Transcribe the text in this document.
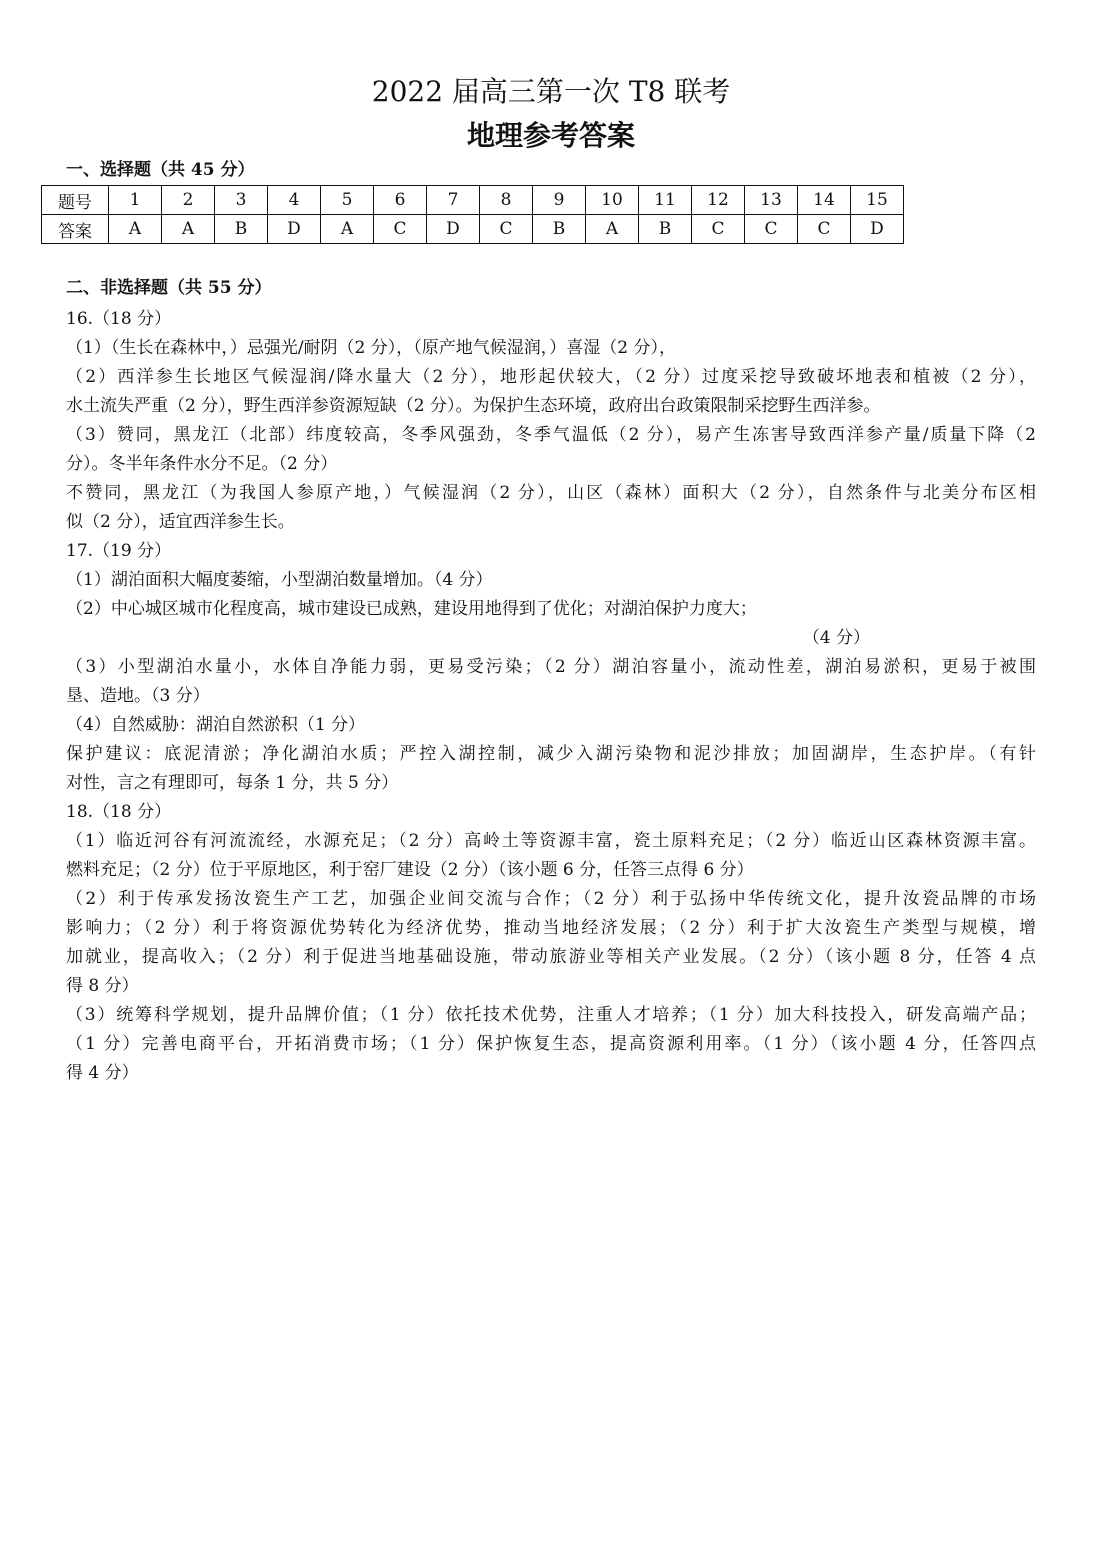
2022 届高三第一次 T8 联考
地理参考答案
一、选择题（共 45 分）
题号	1	2	3	4	5	6	7	8	9	10	11	12	13	14	15
答案	A	A	B	D	A	C	D	C	B	A	B	C	C	C	D
二、非选择题（共 55 分）
16.（18 分）
（1）（生长在森林中，）忌强光/耐阴（2 分），（原产地气候湿润，）喜湿（2 分），
（2）西洋参生长地区气候湿润/降水量大（2 分），地形起伏较大，（2 分）过度采挖导致破坏地表和植被（2 分），
水土流失严重（2 分），野生西洋参资源短缺（2 分）。为保护生态环境，政府出台政策限制采挖野生西洋参。
（3）赞同，黑龙江（北部）纬度较高，冬季风强劲，冬季气温低（2 分），易产生冻害导致西洋参产量/质量下降（2
分）。冬半年条件水分不足。（2 分）
不赞同，黑龙江（为我国人参原产地，）气候湿润（2 分），山区（森林）面积大（2 分），自然条件与北美分布区相
似（2 分），适宜西洋参生长。
17.（19 分）
（1）湖泊面积大幅度萎缩，小型湖泊数量增加。（4 分）
（2）中心城区城市化程度高，城市建设已成熟，建设用地得到了优化；对湖泊保护力度大；
（4 分）
（3）小型湖泊水量小，水体自净能力弱，更易受污染；（2 分）湖泊容量小，流动性差，湖泊易淤积，更易于被围
垦、造地。（3 分）
（4）自然威胁：湖泊自然淤积（1 分）
保护建议：底泥清淤；净化湖泊水质；严控入湖控制，减少入湖污染物和泥沙排放；加固湖岸，生态护岸。（有针
对性，言之有理即可，每条 1 分，共 5 分）
18.（18 分）
（1）临近河谷有河流流经，水源充足；（2 分）高岭土等资源丰富，瓷土原料充足；（2 分）临近山区森林资源丰富。
燃料充足；（2 分）位于平原地区，利于窑厂建设（2 分）（该小题 6 分，任答三点得 6 分）
（2）利于传承发扬汝瓷生产工艺，加强企业间交流与合作；（2 分）利于弘扬中华传统文化，提升汝瓷品牌的市场
影响力；（2 分）利于将资源优势转化为经济优势，推动当地经济发展；（2 分）利于扩大汝瓷生产类型与规模，增
加就业，提高收入；（2 分）利于促进当地基础设施，带动旅游业等相关产业发展。（2 分）（该小题 8 分，任答 4 点
得 8 分）
（3）统筹科学规划，提升品牌价值；（1 分）依托技术优势，注重人才培养；（1 分）加大科技投入，研发高端产品；
（1 分）完善电商平台，开拓消费市场；（1 分）保护恢复生态，提高资源利用率。（1 分）（该小题 4 分，任答四点
得 4 分）
